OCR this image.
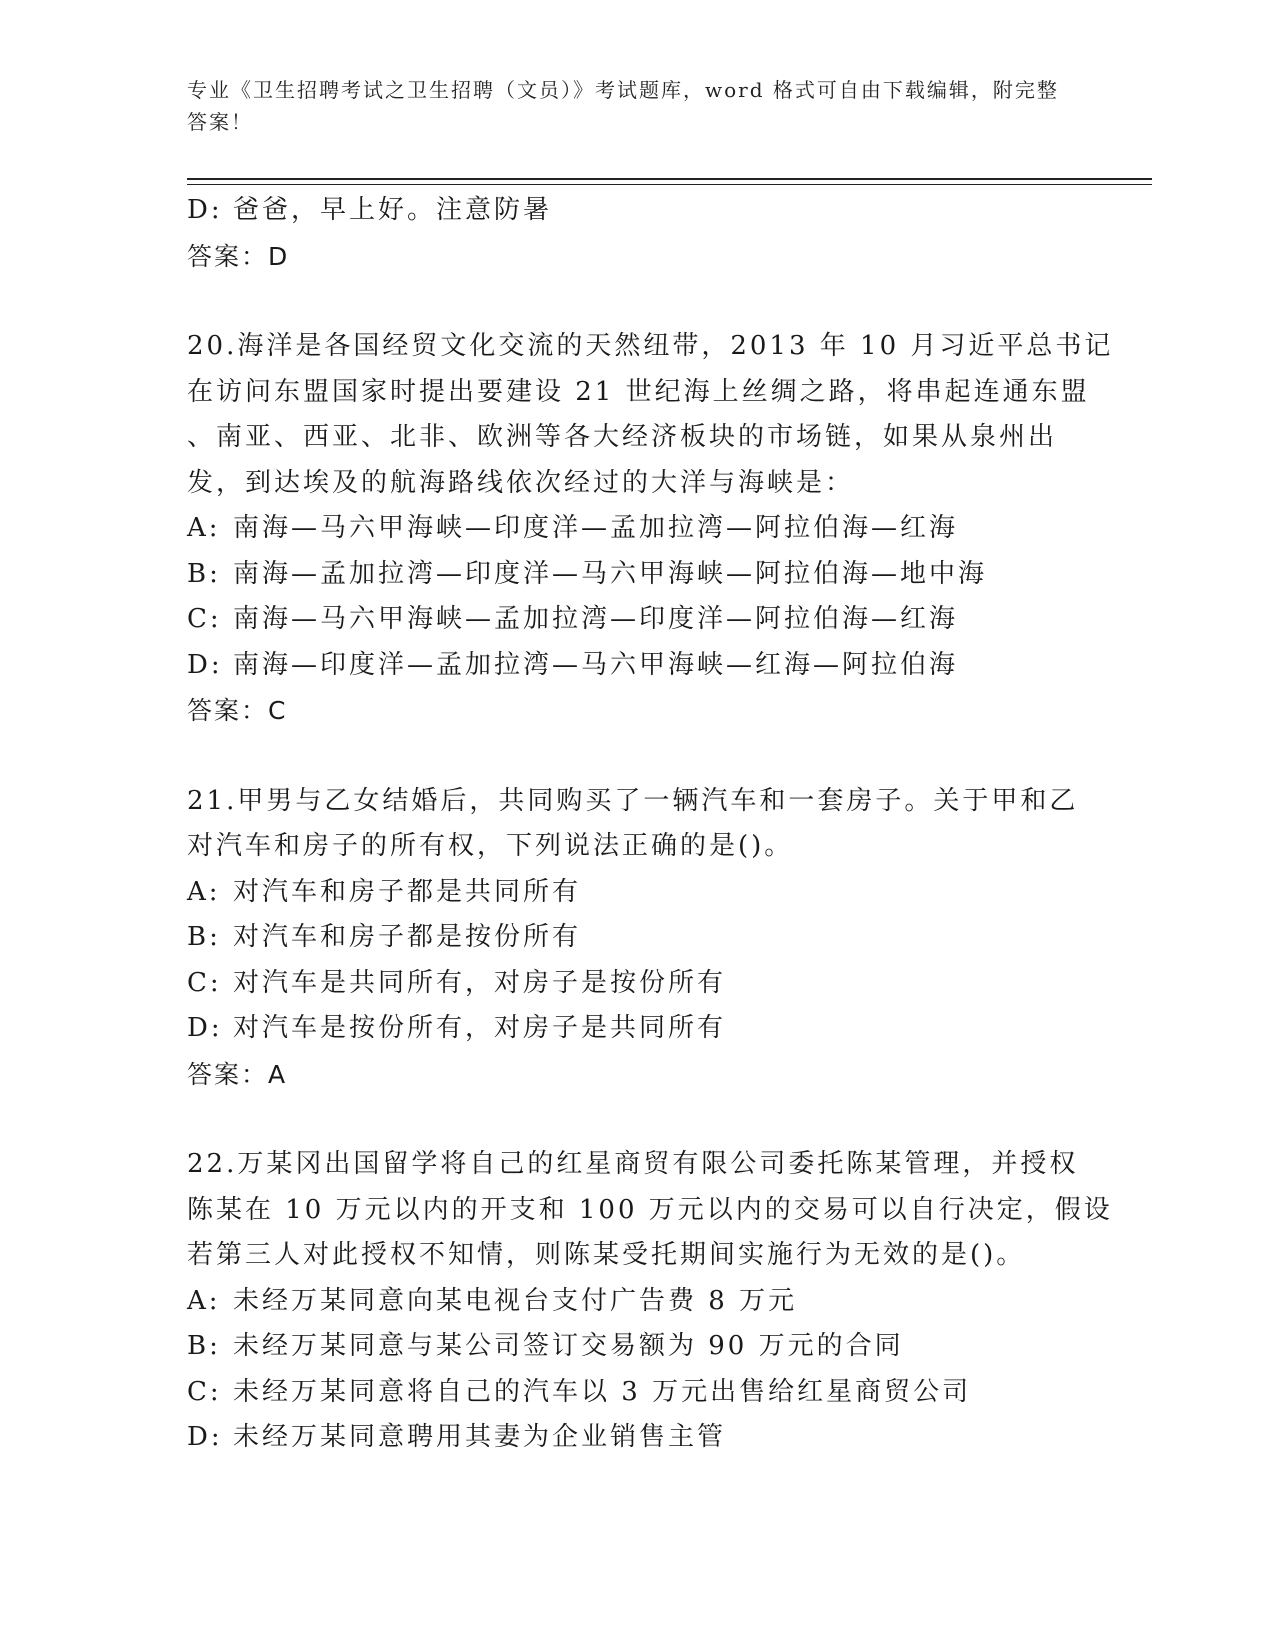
专业《卫生招聘考试之卫生招聘（文员）》考试题库，word 格式可自由下载编辑，附完整答案！

D: 爸爸，早上好。注意防暑

答案：D

20.海洋是各国经贸文化交流的天然纽带，2013 年 10 月习近平总书记

在访问东盟国家时提出要建设 21 世纪海上丝绸之路，将串起连通东盟

、南亚、西亚、北非、欧洲等各大经济板块的市场链，如果从泉州出

发，到达埃及的航海路线依次经过的大洋与海峡是：

A: 南海—马六甲海峡—印度洋—孟加拉湾—阿拉伯海—红海

B: 南海—孟加拉湾—印度洋—马六甲海峡—阿拉伯海—地中海

C: 南海—马六甲海峡—孟加拉湾—印度洋—阿拉伯海—红海

D: 南海—印度洋—孟加拉湾—马六甲海峡—红海—阿拉伯海

答案：C

21.甲男与乙女结婚后，共同购买了一辆汽车和一套房子。关于甲和乙

对汽车和房子的所有权，下列说法正确的是()。

A: 对汽车和房子都是共同所有

B: 对汽车和房子都是按份所有

C: 对汽车是共同所有，对房子是按份所有

D: 对汽车是按份所有，对房子是共同所有

答案：A

22.万某冈出国留学将自己的红星商贸有限公司委托陈某管理，并授权

陈某在 10 万元以内的开支和 100 万元以内的交易可以自行决定，假设

若第三人对此授权不知情，则陈某受托期间实施行为无效的是()。

A: 未经万某同意向某电视台支付广告费 8 万元

B: 未经万某同意与某公司签订交易额为 90 万元的合同

C: 未经万某同意将自己的汽车以 3 万元出售给红星商贸公司

D: 未经万某同意聘用其妻为企业销售主管
